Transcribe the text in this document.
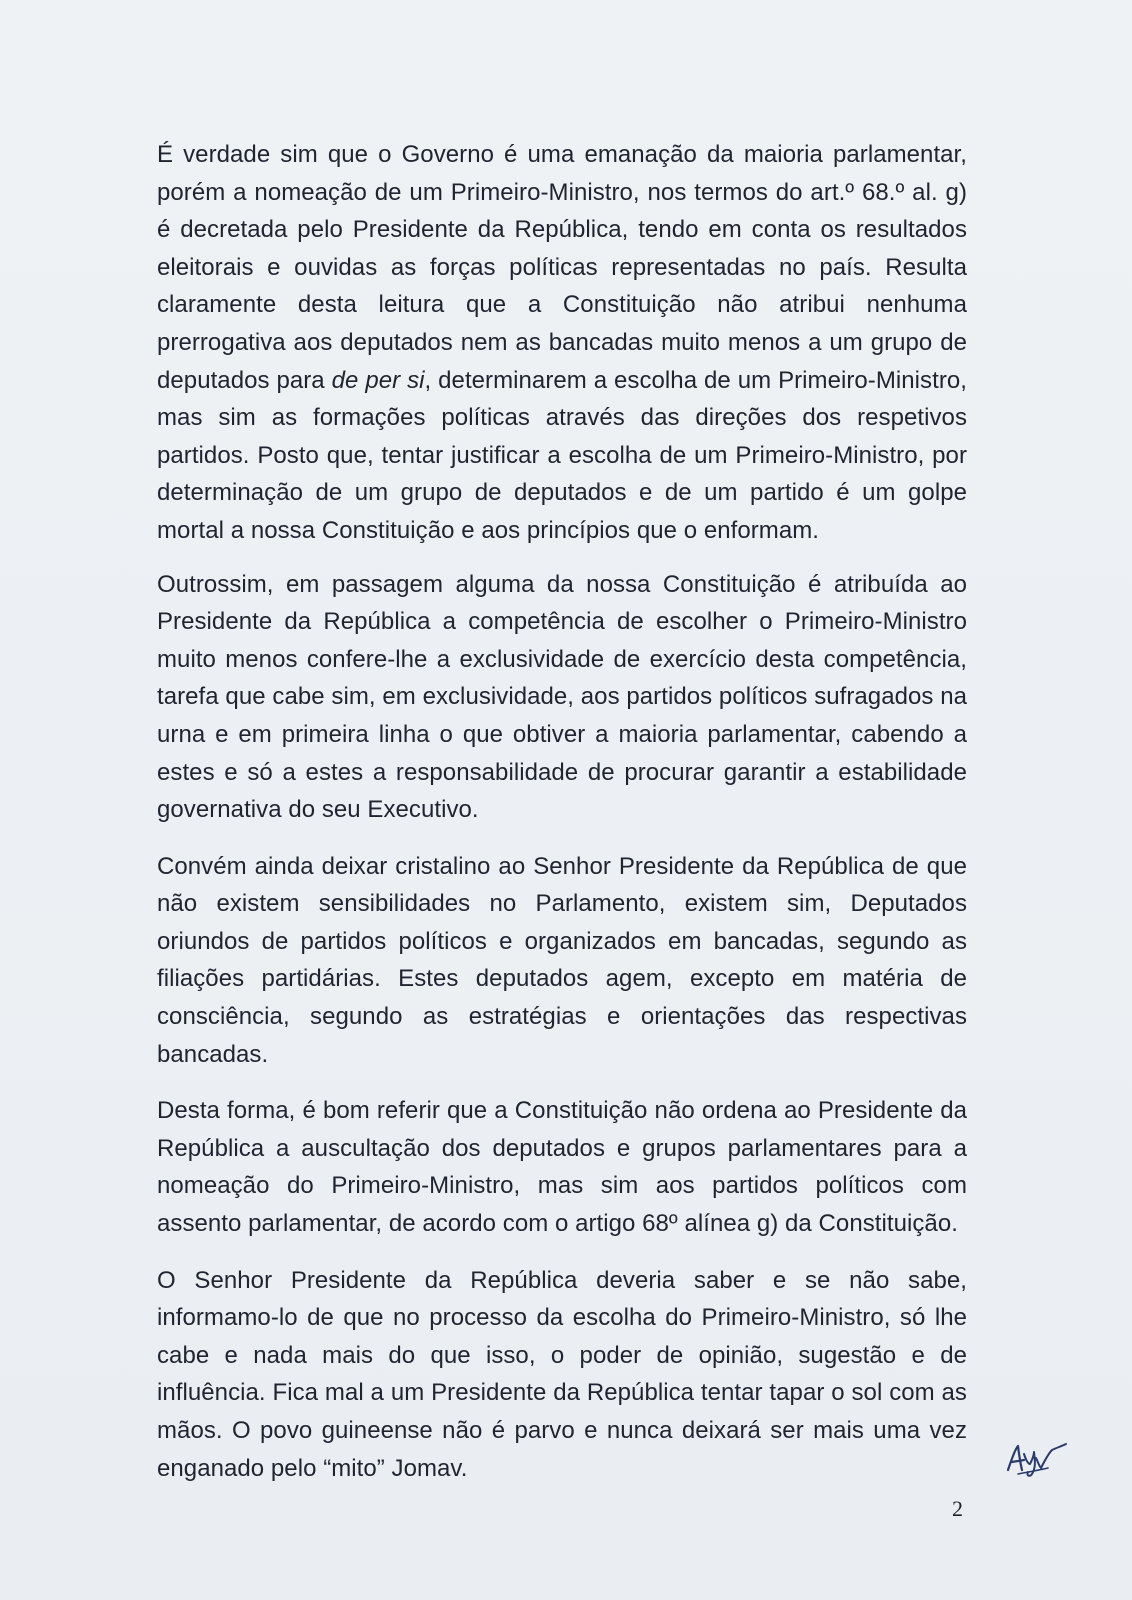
É verdade sim que o Governo é uma emanação da maioria parlamentar, porém a nomeação de um Primeiro-Ministro, nos termos do art.º 68.º al. g) é decretada pelo Presidente da República, tendo em conta os resultados eleitorais e ouvidas as forças políticas representadas no país. Resulta claramente desta leitura que a Constituição não atribui nenhuma prerrogativa aos deputados nem as bancadas muito menos a um grupo de deputados para de per si, determinarem a escolha de um Primeiro-Ministro, mas sim as formações políticas através das direções dos respetivos partidos. Posto que, tentar justificar a escolha de um Primeiro-Ministro, por determinação de um grupo de deputados e de um partido é um golpe mortal a nossa Constituição e aos princípios que o enformam.

Outrossim, em passagem alguma da nossa Constituição é atribuída ao Presidente da República a competência de escolher o Primeiro-Ministro muito menos confere-lhe a exclusividade de exercício desta competência, tarefa que cabe sim, em exclusividade, aos partidos políticos sufragados na urna e em primeira linha o que obtiver a maioria parlamentar, cabendo a estes e só a estes a responsabilidade de procurar garantir a estabilidade governativa do seu Executivo.

Convém ainda deixar cristalino ao Senhor Presidente da República de que não existem sensibilidades no Parlamento, existem sim, Deputados oriundos de partidos políticos e organizados em bancadas, segundo as filiações partidárias. Estes deputados agem, excepto em matéria de consciência, segundo as estratégias e orientações das respectivas bancadas.

Desta forma, é bom referir que a Constituição não ordena ao Presidente da República a auscultação dos deputados e grupos parlamentares para a nomeação do Primeiro-Ministro, mas sim aos partidos políticos com assento parlamentar, de acordo com o artigo 68º alínea g) da Constituição.

O Senhor Presidente da República deveria saber e se não sabe, informamo-lo de que no processo da escolha do Primeiro-Ministro, só lhe cabe e nada mais do que isso, o poder de opinião, sugestão e de influência. Fica mal a um Presidente da República tentar tapar o sol com as mãos. O povo guineense não é parvo e nunca deixará ser mais uma vez enganado pelo “mito” Jomav.

2
